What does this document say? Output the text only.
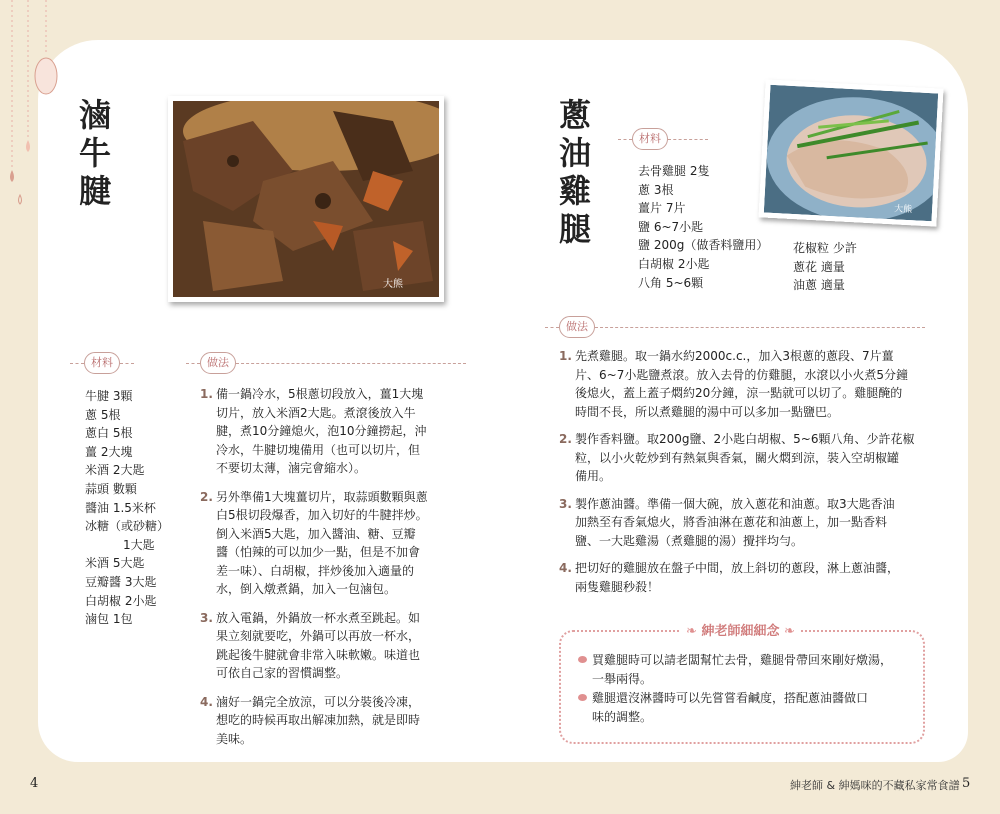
滷
牛
腱
大熊
材料	做法
牛腱 3顆
蔥 5根
蔥白 5根
薑 2大塊
米酒 2大匙
蒜頭 數顆
醬油 1.5米杯
冰糖（或砂糖）
1大匙
米酒 5大匙
豆瓣醬 3大匙
白胡椒 2小匙
滷包 1包
1. 備一鍋冷水，5根蔥切段放入，薑1大塊
切片，放入米酒2大匙。煮滾後放入牛
腱，煮10分鐘熄火，泡10分鐘撈起，沖
冷水，牛腱切塊備用（也可以切片，但
不要切太薄，滷完會縮水）。
2. 另外準備1大塊薑切片，取蒜頭數顆與蔥
白5根切段爆香，加入切好的牛腱拌炒。
倒入米酒5大匙，加入醬油、糖、豆瓣
醬（怕辣的可以加少一點，但是不加會
差一味）、白胡椒，拌炒後加入適量的
水，倒入燉煮鍋，加入一包滷包。
3. 放入電鍋，外鍋放一杯水煮至跳起。如
果立刻就要吃，外鍋可以再放一杯水，
跳起後牛腱就會非常入味軟嫩。味道也
可依自己家的習慣調整。
4. 滷好一鍋完全放涼，可以分裝後冷凍，
想吃的時候再取出解凍加熱，就是即時
美味。
蔥
油
雞
腿
大熊
材料
去骨雞腿 2隻
蔥 3根
薑片 7片
鹽 6~7小匙
鹽 200g（做香料鹽用）
白胡椒 2小匙
八角 5~6顆
花椒粒 少許
蔥花 適量
油蔥 適量
做法
1. 先煮雞腿。取一鍋水約2000c.c.，加入3根蔥的蔥段、7片薑
片、6~7小匙鹽煮滾。放入去骨的仿雞腿，水滾以小火煮5分鐘
後熄火，蓋上蓋子燜約20分鐘，涼一點就可以切了。雞腿醃的
時間不長，所以煮雞腿的湯中可以多加一點鹽巴。
2. 製作香料鹽。取200g鹽、2小匙白胡椒、5~6顆八角、少許花椒
粒，以小火乾炒到有熱氣與香氣，關火燜到涼，裝入空胡椒罐
備用。
3. 製作蔥油醬。準備一個大碗，放入蔥花和油蔥。取3大匙香油
加熱至有香氣熄火，將香油淋在蔥花和油蔥上，加一點香料
鹽、一大匙雞湯（煮雞腿的湯）攪拌均勻。
4. 把切好的雞腿放在盤子中間，放上斜切的蔥段，淋上蔥油醬，
兩隻雞腿秒殺！
❧ 紳老師細細念 ❧
買雞腿時可以請老闆幫忙去骨，雞腿骨帶回來剛好燉湯，
一舉兩得。
雞腿還沒淋醬時可以先嘗嘗看鹹度，搭配蔥油醬做口
味的調整。
4	紳老師 & 紳媽咪的不藏私家常食譜 5
